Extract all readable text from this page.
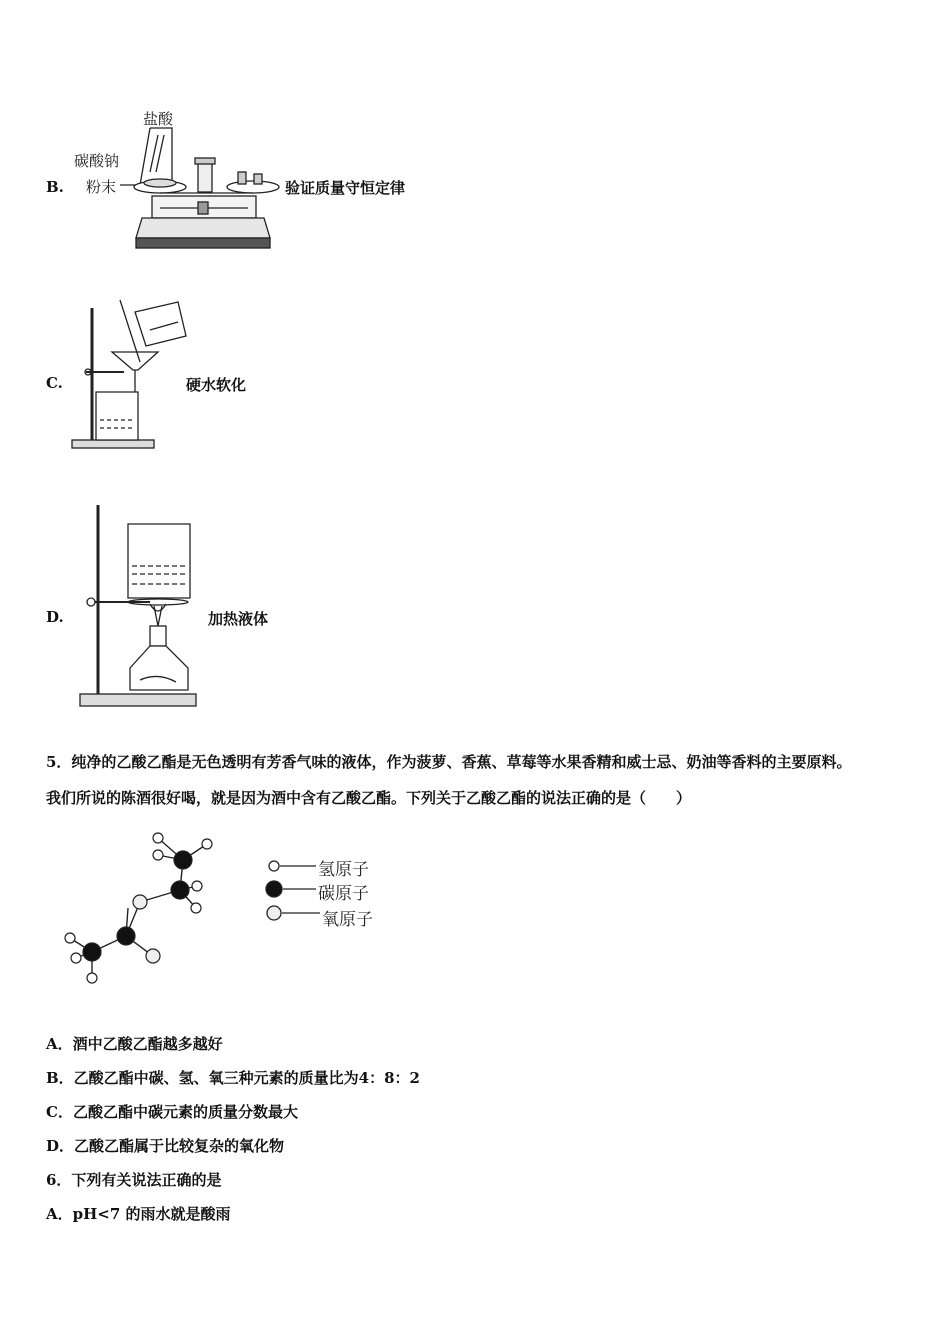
B.	验证质量守恒定律
盐酸
碳酸钠
粉末
C.	硬水软化
D.	加热液体
5．纯净的乙酸乙酯是无色透明有芳香气味的液体，作为菠萝、香蕉、草莓等水果香精和威士忌、奶油等香料的主要原料。
我们所说的陈酒很好喝，就是因为酒中含有乙酸乙酯。下列关于乙酸乙酯的说法正确的是（　　）
氢原子
碳原子
氧原子
A．酒中乙酸乙酯越多越好
B．乙酸乙酯中碳、氢、氧三种元素的质量比为4：8：2
C．乙酸乙酯中碳元素的质量分数最大
D．乙酸乙酯属于比较复杂的氧化物
6．下列有关说法正确的是
A．pH<7 的雨水就是酸雨
